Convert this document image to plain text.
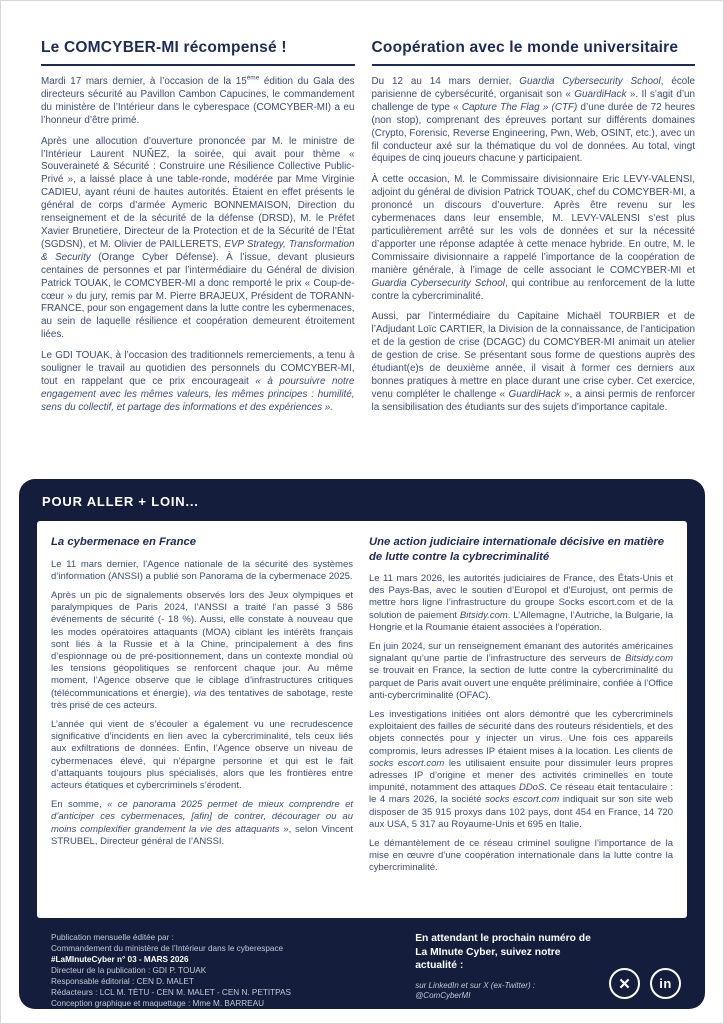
Le COMCYBER-MI récompensé !

Mardi 17 mars dernier, à l’occasion de la 15ème édition du Gala des directeurs sécurité au Pavillon Cambon Capucines, le commandement du ministère de l’Intérieur dans le cyberespace (COMCYBER-MI) a eu l’honneur d’être primé.

Après une allocution d’ouverture prononcée par M. le ministre de l’Intérieur Laurent NUÑEZ, la soirée, qui avait pour thème « Souveraineté & Sécurité : Construire une Résilience Collective Public-Privé », a laissé place à une table-ronde, modérée par Mme Virginie CADIEU, ayant réuni de hautes autorités. Étaient en effet présents le général de corps d’armée Aymeric BONNEMAISON, Direction du renseignement et de la sécurité de la défense (DRSD), M. le Préfet Xavier Brunetiere, Directeur de la Protection et de la Sécurité de l’État (SGDSN), et M. Olivier de PAILLERETS, EVP Strategy, Transformation & Security (Orange Cyber Défense). À l’issue, devant plusieurs centaines de personnes et par l’intermédiaire du Général de division Patrick TOUAK, le COMCYBER-MI a donc remporté le prix « Coup-de-cœur » du jury, remis par M. Pierre BRAJEUX, Président de TORANN-FRANCE, pour son engagement dans la lutte contre les cybermenaces, au sein de laquelle résilience et coopération demeurent étroitement liées.

Le GDI TOUAK, à l’occasion des traditionnels remerciements, a tenu à souligner le travail au quotidien des personnels du COMCYBER-MI, tout en rappelant que ce prix encourageait « à poursuivre notre engagement avec les mêmes valeurs, les mêmes principes : humilité, sens du collectif, et partage des informations et des expériences ».

Coopération avec le monde universitaire

Du 12 au 14 mars dernier, Guardia Cybersecurity School, école parisienne de cybersécurité, organisait son « GuardiHack ». Il s’agit d’un challenge de type « Capture The Flag » (CTF) d’une durée de 72 heures (non stop), comprenant des épreuves portant sur différents domaines (Crypto, Forensic, Reverse Engineering, Pwn, Web, OSINT, etc.), avec un fil conducteur axé sur la thématique du vol de données. Au total, vingt équipes de cinq joueurs chacune y participaient.

À cette occasion, M. le Commissaire divisionnaire Eric LEVY-VALENSI, adjoint du général de division Patrick TOUAK, chef du COMCYBER-MI, a prononcé un discours d’ouverture. Après être revenu sur les cybermenaces dans leur ensemble, M. LEVY-VALENSI s’est plus particulièrement arrêté sur les vols de données et sur la nécessité d’apporter une réponse adaptée à cette menace hybride. En outre, M. le Commissaire divisionnaire a rappelé l’importance de la coopération de manière générale, à l’image de celle associant le COMCYBER-MI et Guardia Cybersecurity School, qui contribue au renforcement de la lutte contre la cybercriminalité.

Aussi, par l’intermédiaire du Capitaine Michaël TOURBIER et de l’Adjudant Loïc CARTIER, la Division de la connaissance, de l’anticipation et de la gestion de crise (DCAGC) du COMCYBER-MI animait un atelier de gestion de crise. Se présentant sous forme de questions auprès des étudiant(e)s de deuxième année, il visait à former ces derniers aux bonnes pratiques à mettre en place durant une crise cyber. Cet exercice, venu compléter le challenge « GuardiHack », a ainsi permis de renforcer la sensibilisation des étudiants sur des sujets d’importance capitale.

POUR ALLER + LOIN...
La cybermenace en France

Le 11 mars dernier, l’Agence nationale de la sécurité des systèmes d’information (ANSSI) a publié son Panorama de la cybermenace 2025.

Après un pic de signalements observés lors des Jeux olympiques et paralympiques de Paris 2024, l’ANSSI a traité l’an passé 3 586 événements de sécurité (- 18 %). Aussi, elle constate à nouveau que les modes opératoires attaquants (MOA) ciblant les intérêts français sont liés à la Russie et à la Chine, principalement à des fins d’espionnage ou de pré-positionnement, dans un contexte mondial où les tensions géopolitiques se renforcent chaque jour. Au même moment, l’Agence observe que le ciblage d’infrastructures critiques (télécommunications et énergie), via des tentatives de sabotage, reste très prisé de ces acteurs.

L’année qui vient de s’écouler a également vu une recrudescence significative d’incidents en lien avec la cybercriminalité, tels ceux liés aux exfiltrations de données. Enfin, l’Agence observe un niveau de cybermenaces élevé, qui n’épargne personne et qui est le fait d’attaquants toujours plus spécialisés, alors que les frontières entre acteurs étatiques et cybercriminels s’érodent.

En somme, « ce panorama 2025 permet de mieux comprendre et d’anticiper ces cybermenaces, [afin] de contrer, décourager ou au moins complexifier grandement la vie des attaquants », selon Vincent STRUBEL, Directeur général de l’ANSSI.

Une action judiciaire internationale décisive en matière de lutte contre la cybrecriminalité

Le 11 mars 2026, les autorités judiciaires de France, des États-Unis et des Pays-Bas, avec le soutien d’Europol et d’Eurojust, ont permis de mettre hors ligne l’infrastructure du groupe Socks escort.com et de la solution de paiement Bitsidy.com. L’Allemagne, l’Autriche, la Bulgarie, la Hongrie et la Roumanie étaient associées à l’opération.

En juin 2024, sur un renseignement émanant des autorités américaines signalant qu’une partie de l’infrastructure des serveurs de Bitsidy.com se trouvait en France, la section de lutte contre la cybercriminalité du parquet de Paris avait ouvert une enquête préliminaire, confiée à l’Office anti-cybercriminalité (OFAC).

Les investigations initiées ont alors démontré que les cybercriminels exploitaient des failles de sécurité dans des routeurs résidentiels, et des objets connectés pour y injecter un virus. Une fois ces appareils compromis, leurs adresses IP étaient mises à la location. Les clients de socks escort.com les utilisaient ensuite pour dissimuler leurs propres adresses IP d’origine et mener des activités criminelles en toute impunité, notamment des attaques DDoS. Ce réseau était tentaculaire : le 4 mars 2026, la société socks escort.com indiquait sur son site web disposer de 35 915 proxys dans 102 pays, dont 454 en France, 14 720 aux USA, 5 317 au Royaume-Unis et 695 en Italie.

Le démantèlement de ce réseau criminel souligne l’importance de la mise en œuvre d’une coopération internationale dans la lutte contre la cybercriminalité.

Publication mensuelle éditée par :
Commandement du ministère de l’Intérieur dans le cyberespace
#LaMInuteCyber n° 03 - MARS 2026
Directeur de la publication : GDI P. TOUAK
Responsable éditorial : CEN D. MALET
Rédacteurs : LCL M. TÉTU - CEN M. MALET - CEN N. PETITPAS
Conception graphique et maquettage : Mme M. BARREAU
En attendant le prochain numéro de La MInute Cyber, suivez notre actualité :
sur LinkedIn et sur X (ex-Twitter) :
@ComCyberMI
✕	in
